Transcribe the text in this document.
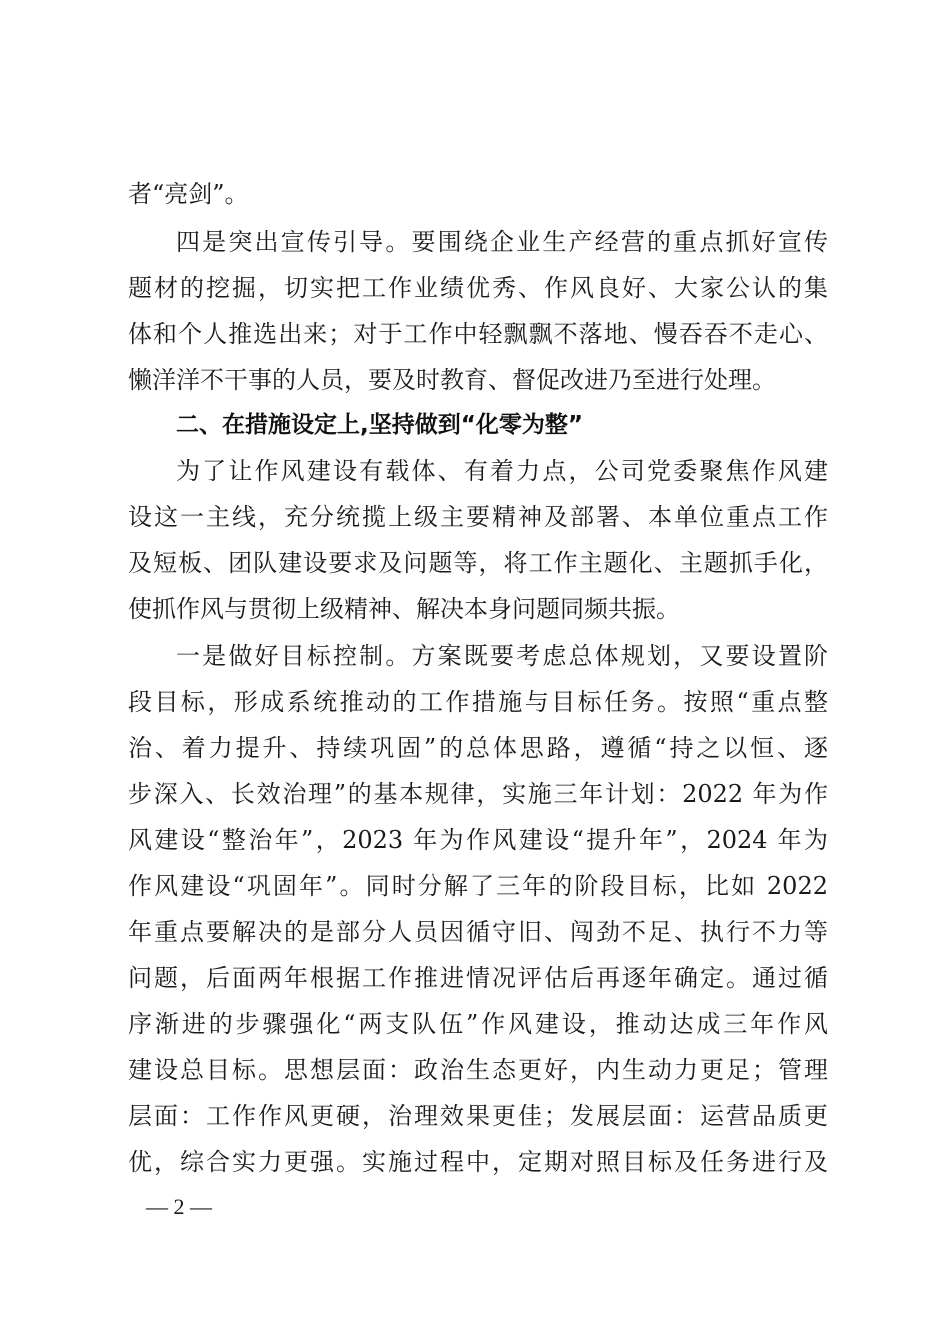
者“亮剑”。
四是突出宣传引导。要围绕企业生产经营的重点抓好宣传
题材的挖掘，切实把工作业绩优秀、作风良好、大家公认的集
体和个人推选出来；对于工作中轻飘飘不落地、慢吞吞不走心、
懒洋洋不干事的人员，要及时教育、督促改进乃至进行处理。
二、在措施设定上,坚持做到“化零为整”
为了让作风建设有载体、有着力点，公司党委聚焦作风建
设这一主线，充分统揽上级主要精神及部署、本单位重点工作
及短板、团队建设要求及问题等，将工作主题化、主题抓手化，
使抓作风与贯彻上级精神、解决本身问题同频共振。
一是做好目标控制。方案既要考虑总体规划，又要设置阶
段目标，形成系统推动的工作措施与目标任务。按照“重点整
治、着力提升、持续巩固”的总体思路，遵循“持之以恒、逐
步深入、长效治理”的基本规律，实施三年计划：2022 年为作
风建设“整治年”，2023 年为作风建设“提升年”，2024 年为
作风建设“巩固年”。同时分解了三年的阶段目标，比如 2022
年重点要解决的是部分人员因循守旧、闯劲不足、执行不力等
问题，后面两年根据工作推进情况评估后再逐年确定。通过循
序渐进的步骤强化“两支队伍”作风建设，推动达成三年作风
建设总目标。思想层面：政治生态更好，内生动力更足；管理
层面：工作作风更硬，治理效果更佳；发展层面：运营品质更
优，综合实力更强。实施过程中，定期对照目标及任务进行及
— 2 —
